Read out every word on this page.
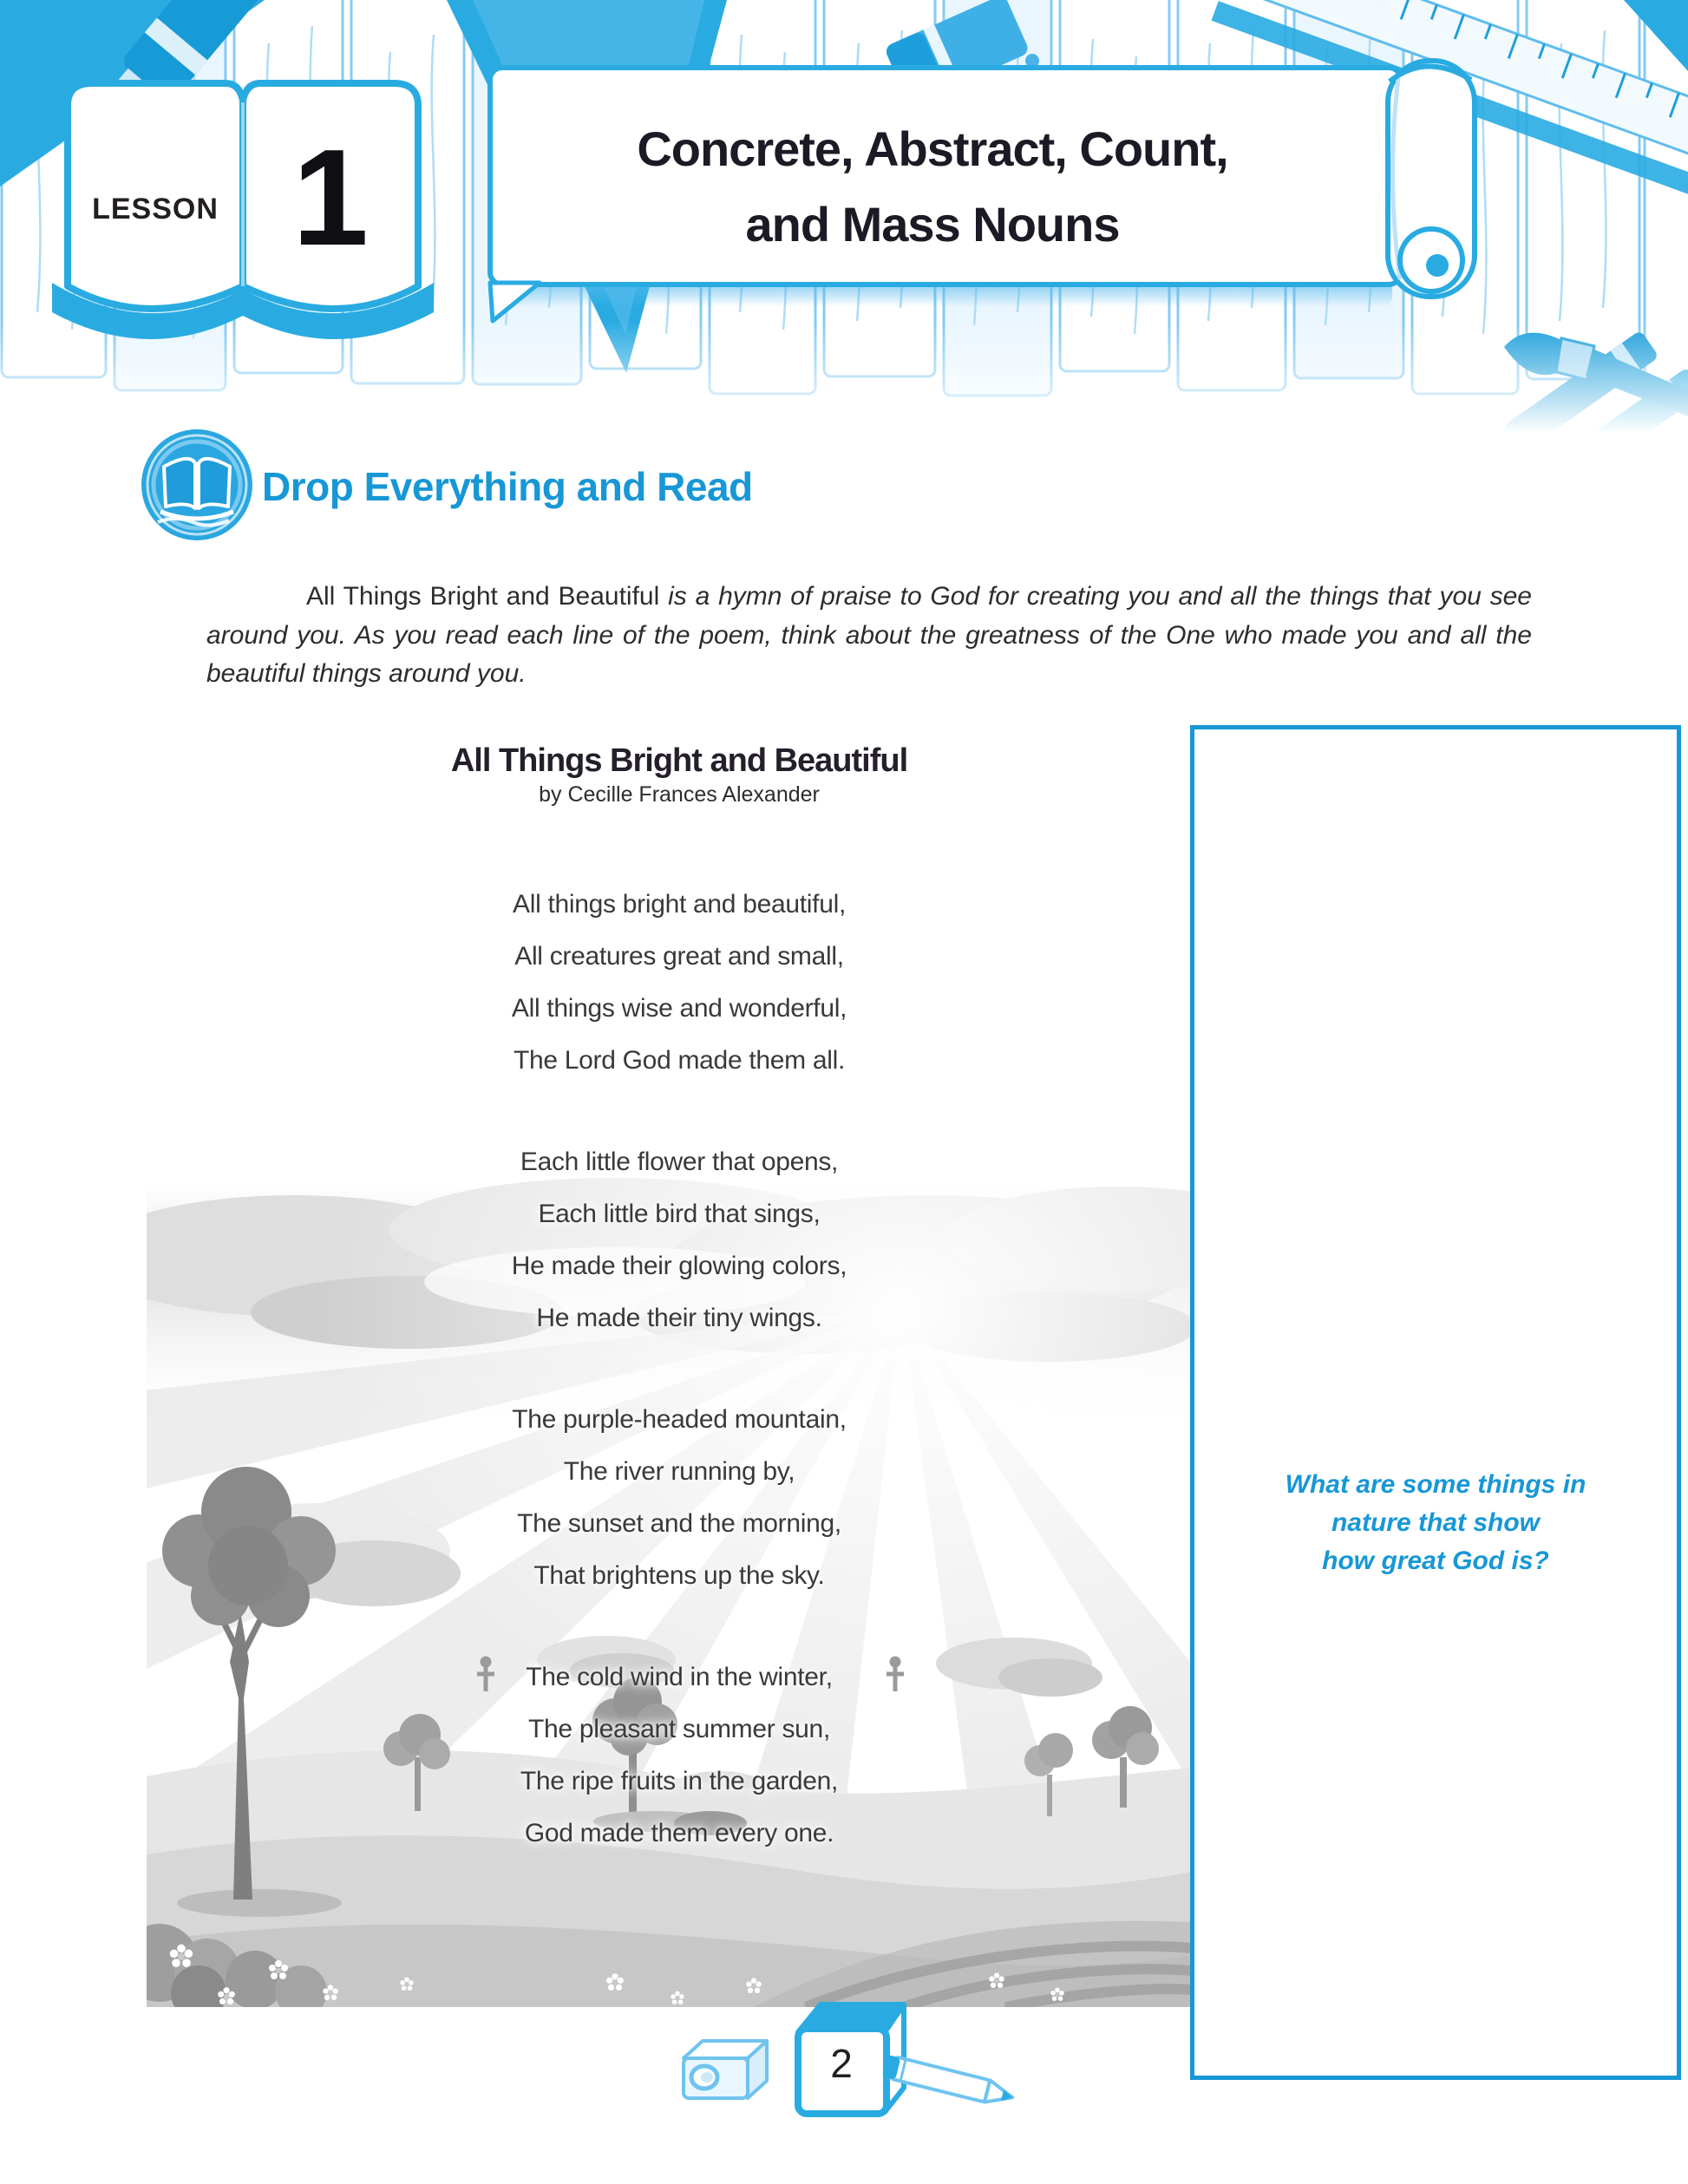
LESSON 1	Concrete, Abstract, Count,
and Mass Nouns
Drop Everything and Read

All Things Bright and Beautiful is a hymn of praise to God for creating you and all the things that you see around you. As you read each line of the poem, think about the greatness of the One who made you and all the beautiful things around you.

All Things Bright and Beautiful
by Cecille Frances Alexander
All things bright and beautiful,
All creatures great and small,
All things wise and wonderful,
The Lord God made them all.
Each little flower that opens,
Each little bird that sings,
He made their glowing colors,
He made their tiny wings.
The purple-headed mountain,
The river running by,
The sunset and the morning,
That brightens up the sky.
The cold wind in the winter,
The pleasant summer sun,
The ripe fruits in the garden,
God made them every one.
What are some things in
nature that show
how great God is?
2
